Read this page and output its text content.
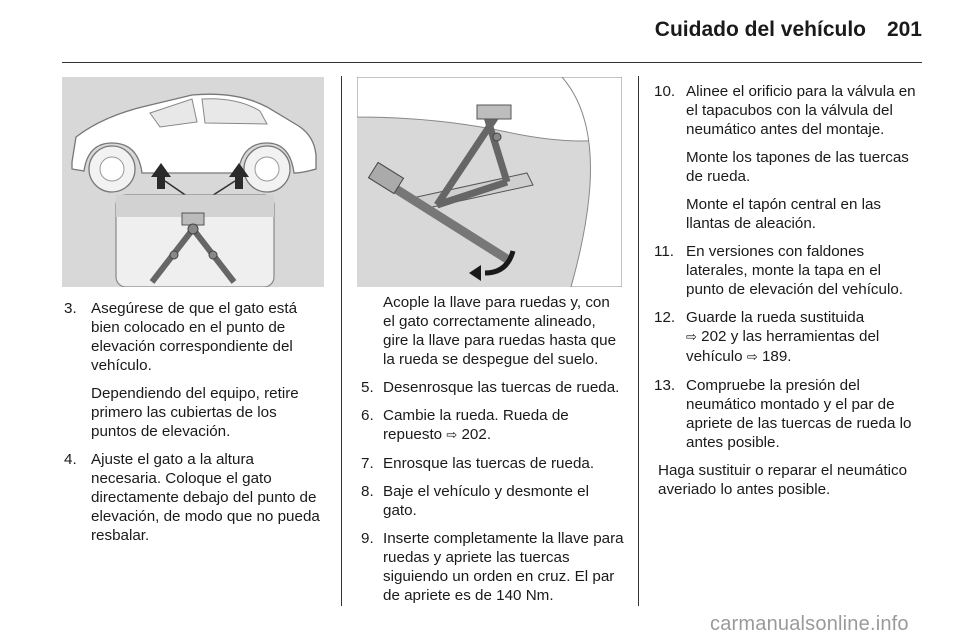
Cuidado del vehículo 201
3. Asegúrese de que el gato está bien colocado en el punto de elevación correspondiente del vehículo.

Dependiendo del equipo, retire primero las cubiertas de los puntos de elevación.

4. Ajuste el gato a la altura necesaria. Coloque el gato directamente debajo del punto de elevación, de modo que no pueda resbalar.

Acople la llave para ruedas y, con el gato correctamente alineado, gire la llave para ruedas hasta que la rueda se despegue del suelo.

5. Desenrosque las tuercas de rueda.

6. Cambie la rueda. Rueda de repuesto ⇨ 202.

7. Enrosque las tuercas de rueda.

8. Baje el vehículo y desmonte el gato.

9. Inserte completamente la llave para ruedas y apriete las tuercas siguiendo un orden en cruz. El par de apriete es de 140 Nm.

10. Alinee el orificio para la válvula en el tapacubos con la válvula del neumático antes del montaje.

Monte los tapones de las tuercas de rueda.

Monte el tapón central en las llantas de aleación.

11. En versiones con faldones laterales, monte la tapa en el punto de elevación del vehículo.

12. Guarde la rueda sustituida
⇨ 202 y las herramientas del vehículo ⇨ 189.

13. Compruebe la presión del neumático montado y el par de apriete de las tuercas de rueda lo antes posible.

Haga sustituir o reparar el neumático averiado lo antes posible.

carmanualsonline.info
